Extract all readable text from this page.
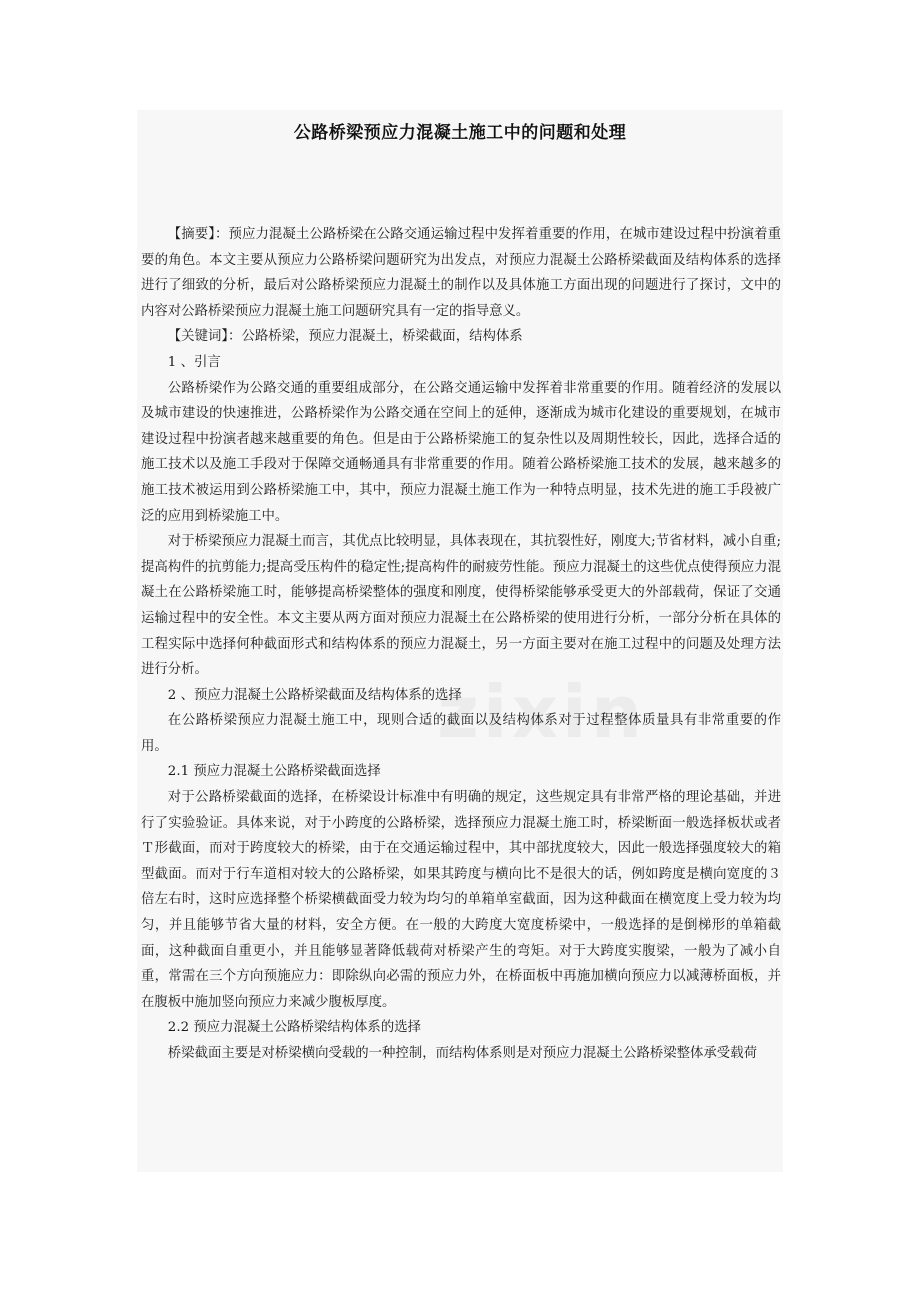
公路桥梁预应力混凝土施工中的问题和处理

【摘要】：预应力混凝土公路桥梁在公路交通运输过程中发挥着重要的作用，在城市建设过程中扮演着重要的角色。本文主要从预应力公路桥梁问题研究为出发点，对预应力混凝土公路桥梁截面及结构体系的选择进行了细致的分析，最后对公路桥梁预应力混凝土的制作以及具体施工方面出现的问题进行了探讨，文中的内容对公路桥梁预应力混凝土施工问题研究具有一定的指导意义。

【关键词】：公路桥梁，预应力混凝土，桥梁截面，结构体系

1 、引言

公路桥梁作为公路交通的重要组成部分，在公路交通运输中发挥着非常重要的作用。随着经济的发展以及城市建设的快速推进，公路桥梁作为公路交通在空间上的延伸，逐渐成为城市化建设的重要规划，在城市建设过程中扮演者越来越重要的角色。但是由于公路桥梁施工的复杂性以及周期性较长，因此，选择合适的施工技术以及施工手段对于保障交通畅通具有非常重要的作用。随着公路桥梁施工技术的发展，越来越多的施工技术被运用到公路桥梁施工中，其中，预应力混凝土施工作为一种特点明显，技术先进的施工手段被广泛的应用到桥梁施工中。

对于桥梁预应力混凝土而言，其优点比较明显，具体表现在，其抗裂性好，刚度大;节省材料，减小自重;提高构件的抗剪能力;提高受压构件的稳定性;提高构件的耐疲劳性能。预应力混凝土的这些优点使得预应力混凝土在公路桥梁施工时，能够提高桥梁整体的强度和刚度，使得桥梁能够承受更大的外部载荷，保证了交通运输过程中的安全性。本文主要从两方面对预应力混凝土在公路桥梁的使用进行分析，一部分分析在具体的工程实际中选择何种截面形式和结构体系的预应力混凝土，另一方面主要对在施工过程中的问题及处理方法进行分析。

2 、预应力混凝土公路桥梁截面及结构体系的选择

在公路桥梁预应力混凝土施工中，现则合适的截面以及结构体系对于过程整体质量具有非常重要的作用。

2.1 预应力混凝土公路桥梁截面选择

对于公路桥梁截面的选择，在桥梁设计标准中有明确的规定，这些规定具有非常严格的理论基础，并进行了实验验证。具体来说，对于小跨度的公路桥梁，选择预应力混凝土施工时，桥梁断面一般选择板状或者Ｔ形截面，而对于跨度较大的桥梁，由于在交通运输过程中，其中部扰度较大，因此一般选择强度较大的箱型截面。而对于行车道相对较大的公路桥梁，如果其跨度与横向比不是很大的话，例如跨度是横向宽度的３倍左右时，这时应选择整个桥梁横截面受力较为均匀的单箱单室截面，因为这种截面在横宽度上受力较为均匀，并且能够节省大量的材料，安全方便。在一般的大跨度大宽度桥梁中，一般选择的是倒梯形的单箱截面，这种截面自重更小，并且能够显著降低载荷对桥梁产生的弯矩。对于大跨度实腹梁，一般为了减小自重，常需在三个方向预施应力：即除纵向必需的预应力外，在桥面板中再施加横向预应力以减薄桥面板，并在腹板中施加竖向预应力来减少腹板厚度。

2.2 预应力混凝土公路桥梁结构体系的选择

桥梁截面主要是对桥梁横向受载的一种控制，而结构体系则是对预应力混凝土公路桥梁整体承受载荷
